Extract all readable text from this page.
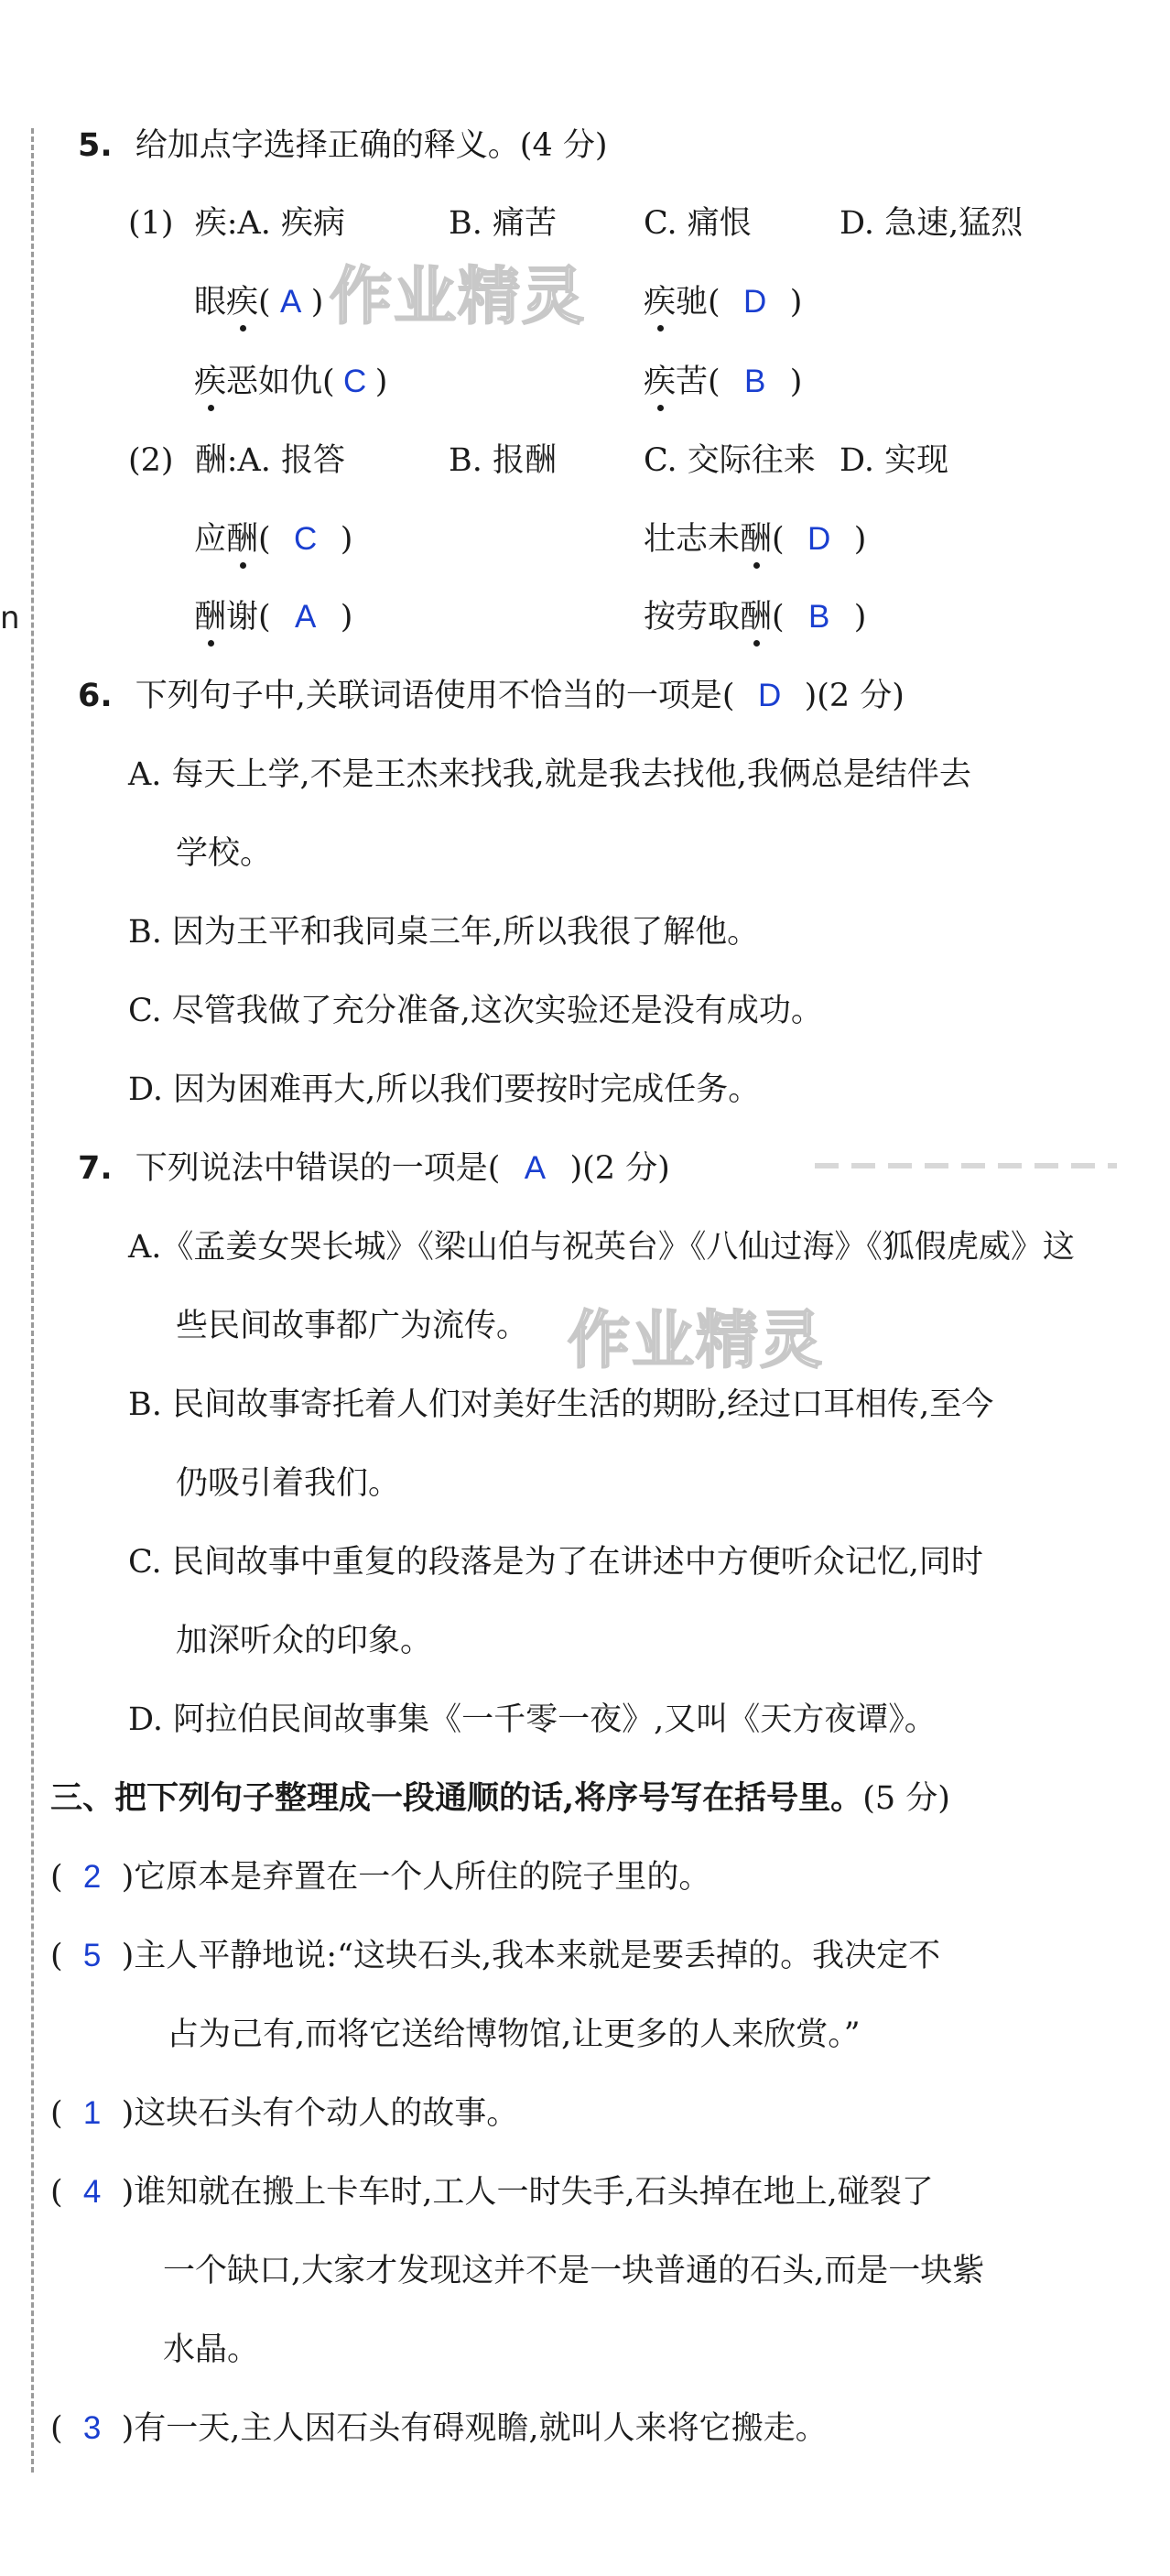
n
作业精灵
作业精灵
5. 给加点字选择正确的释义。(4 分)
(1) 疾:A. 疾病	B. 痛苦	C. 痛恨	D. 急速,猛烈
眼疾( A )	疾驰( D )
疾恶如仇( C )	疾苦( B )
(2) 酬:A. 报答	B. 报酬	C. 交际往来 D. 实现
应酬( C )	壮志未酬( D )
酬谢( A )	按劳取酬( B )
6. 下列句子中,关联词语使用不恰当的一项是( D )(2 分)
A. 每天上学,不是王杰来找我,就是我去找他,我俩总是结伴去
学校。
B. 因为王平和我同桌三年,所以我很了解他。
C. 尽管我做了充分准备,这次实验还是没有成功。
D. 因为困难再大,所以我们要按时完成任务。
7. 下列说法中错误的一项是( A )(2 分)
A.《孟姜女哭长城》《梁山伯与祝英台》《八仙过海》《狐假虎威》这
些民间故事都广为流传。
B. 民间故事寄托着人们对美好生活的期盼,经过口耳相传,至今
仍吸引着我们。
C. 民间故事中重复的段落是为了在讲述中方便听众记忆,同时
加深听众的印象。
D. 阿拉伯民间故事集《一千零一夜》,又叫《天方夜谭》。
三、把下列句子整理成一段通顺的话,将序号写在括号里。(5 分)
( 2 )它原本是弃置在一个人所住的院子里的。
( 5 )主人平静地说:“这块石头,我本来就是要丢掉的。我决定不
占为己有,而将它送给博物馆,让更多的人来欣赏。”
( 1 )这块石头有个动人的故事。
( 4 )谁知就在搬上卡车时,工人一时失手,石头掉在地上,碰裂了
一个缺口,大家才发现这并不是一块普通的石头,而是一块紫
水晶。
( 3 )有一天,主人因石头有碍观瞻,就叫人来将它搬走。
